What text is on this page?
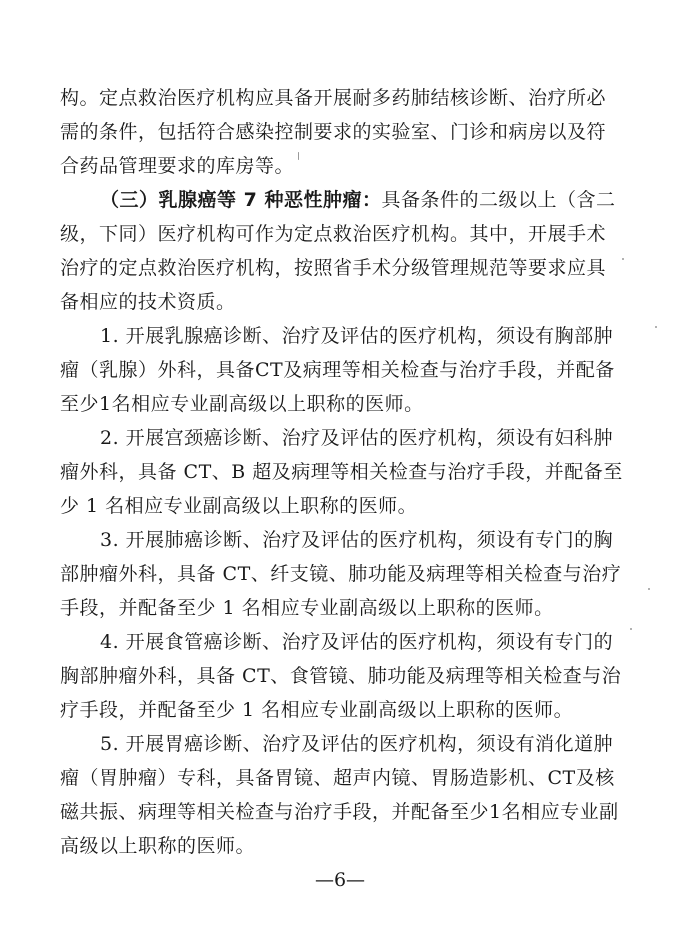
构。定点救治医疗机构应具备开展耐多药肺结核诊断、治疗所必
需的条件，包括符合感染控制要求的实验室、门诊和病房以及符
合药品管理要求的库房等。
（三）乳腺癌等 7 种恶性肿瘤：具备条件的二级以上（含二
级，下同）医疗机构可作为定点救治医疗机构。其中，开展手术
治疗的定点救治医疗机构，按照省手术分级管理规范等要求应具
备相应的技术资质。
1. 开展乳腺癌诊断、治疗及评估的医疗机构，须设有胸部肿
瘤（乳腺）外科，具备CT及病理等相关检查与治疗手段，并配备
至少1名相应专业副高级以上职称的医师。
2. 开展宫颈癌诊断、治疗及评估的医疗机构，须设有妇科肿
瘤外科，具备 CT、B 超及病理等相关检查与治疗手段，并配备至
少 1 名相应专业副高级以上职称的医师。
3. 开展肺癌诊断、治疗及评估的医疗机构，须设有专门的胸
部肿瘤外科，具备 CT、纤支镜、肺功能及病理等相关检查与治疗
手段，并配备至少 1 名相应专业副高级以上职称的医师。
4. 开展食管癌诊断、治疗及评估的医疗机构，须设有专门的
胸部肿瘤外科，具备 CT、食管镜、肺功能及病理等相关检查与治
疗手段，并配备至少 1 名相应专业副高级以上职称的医师。
5. 开展胃癌诊断、治疗及评估的医疗机构，须设有消化道肿
瘤（胃肿瘤）专科，具备胃镜、超声内镜、胃肠造影机、CT及核
磁共振、病理等相关检查与治疗手段，并配备至少1名相应专业副
高级以上职称的医师。
—6—
